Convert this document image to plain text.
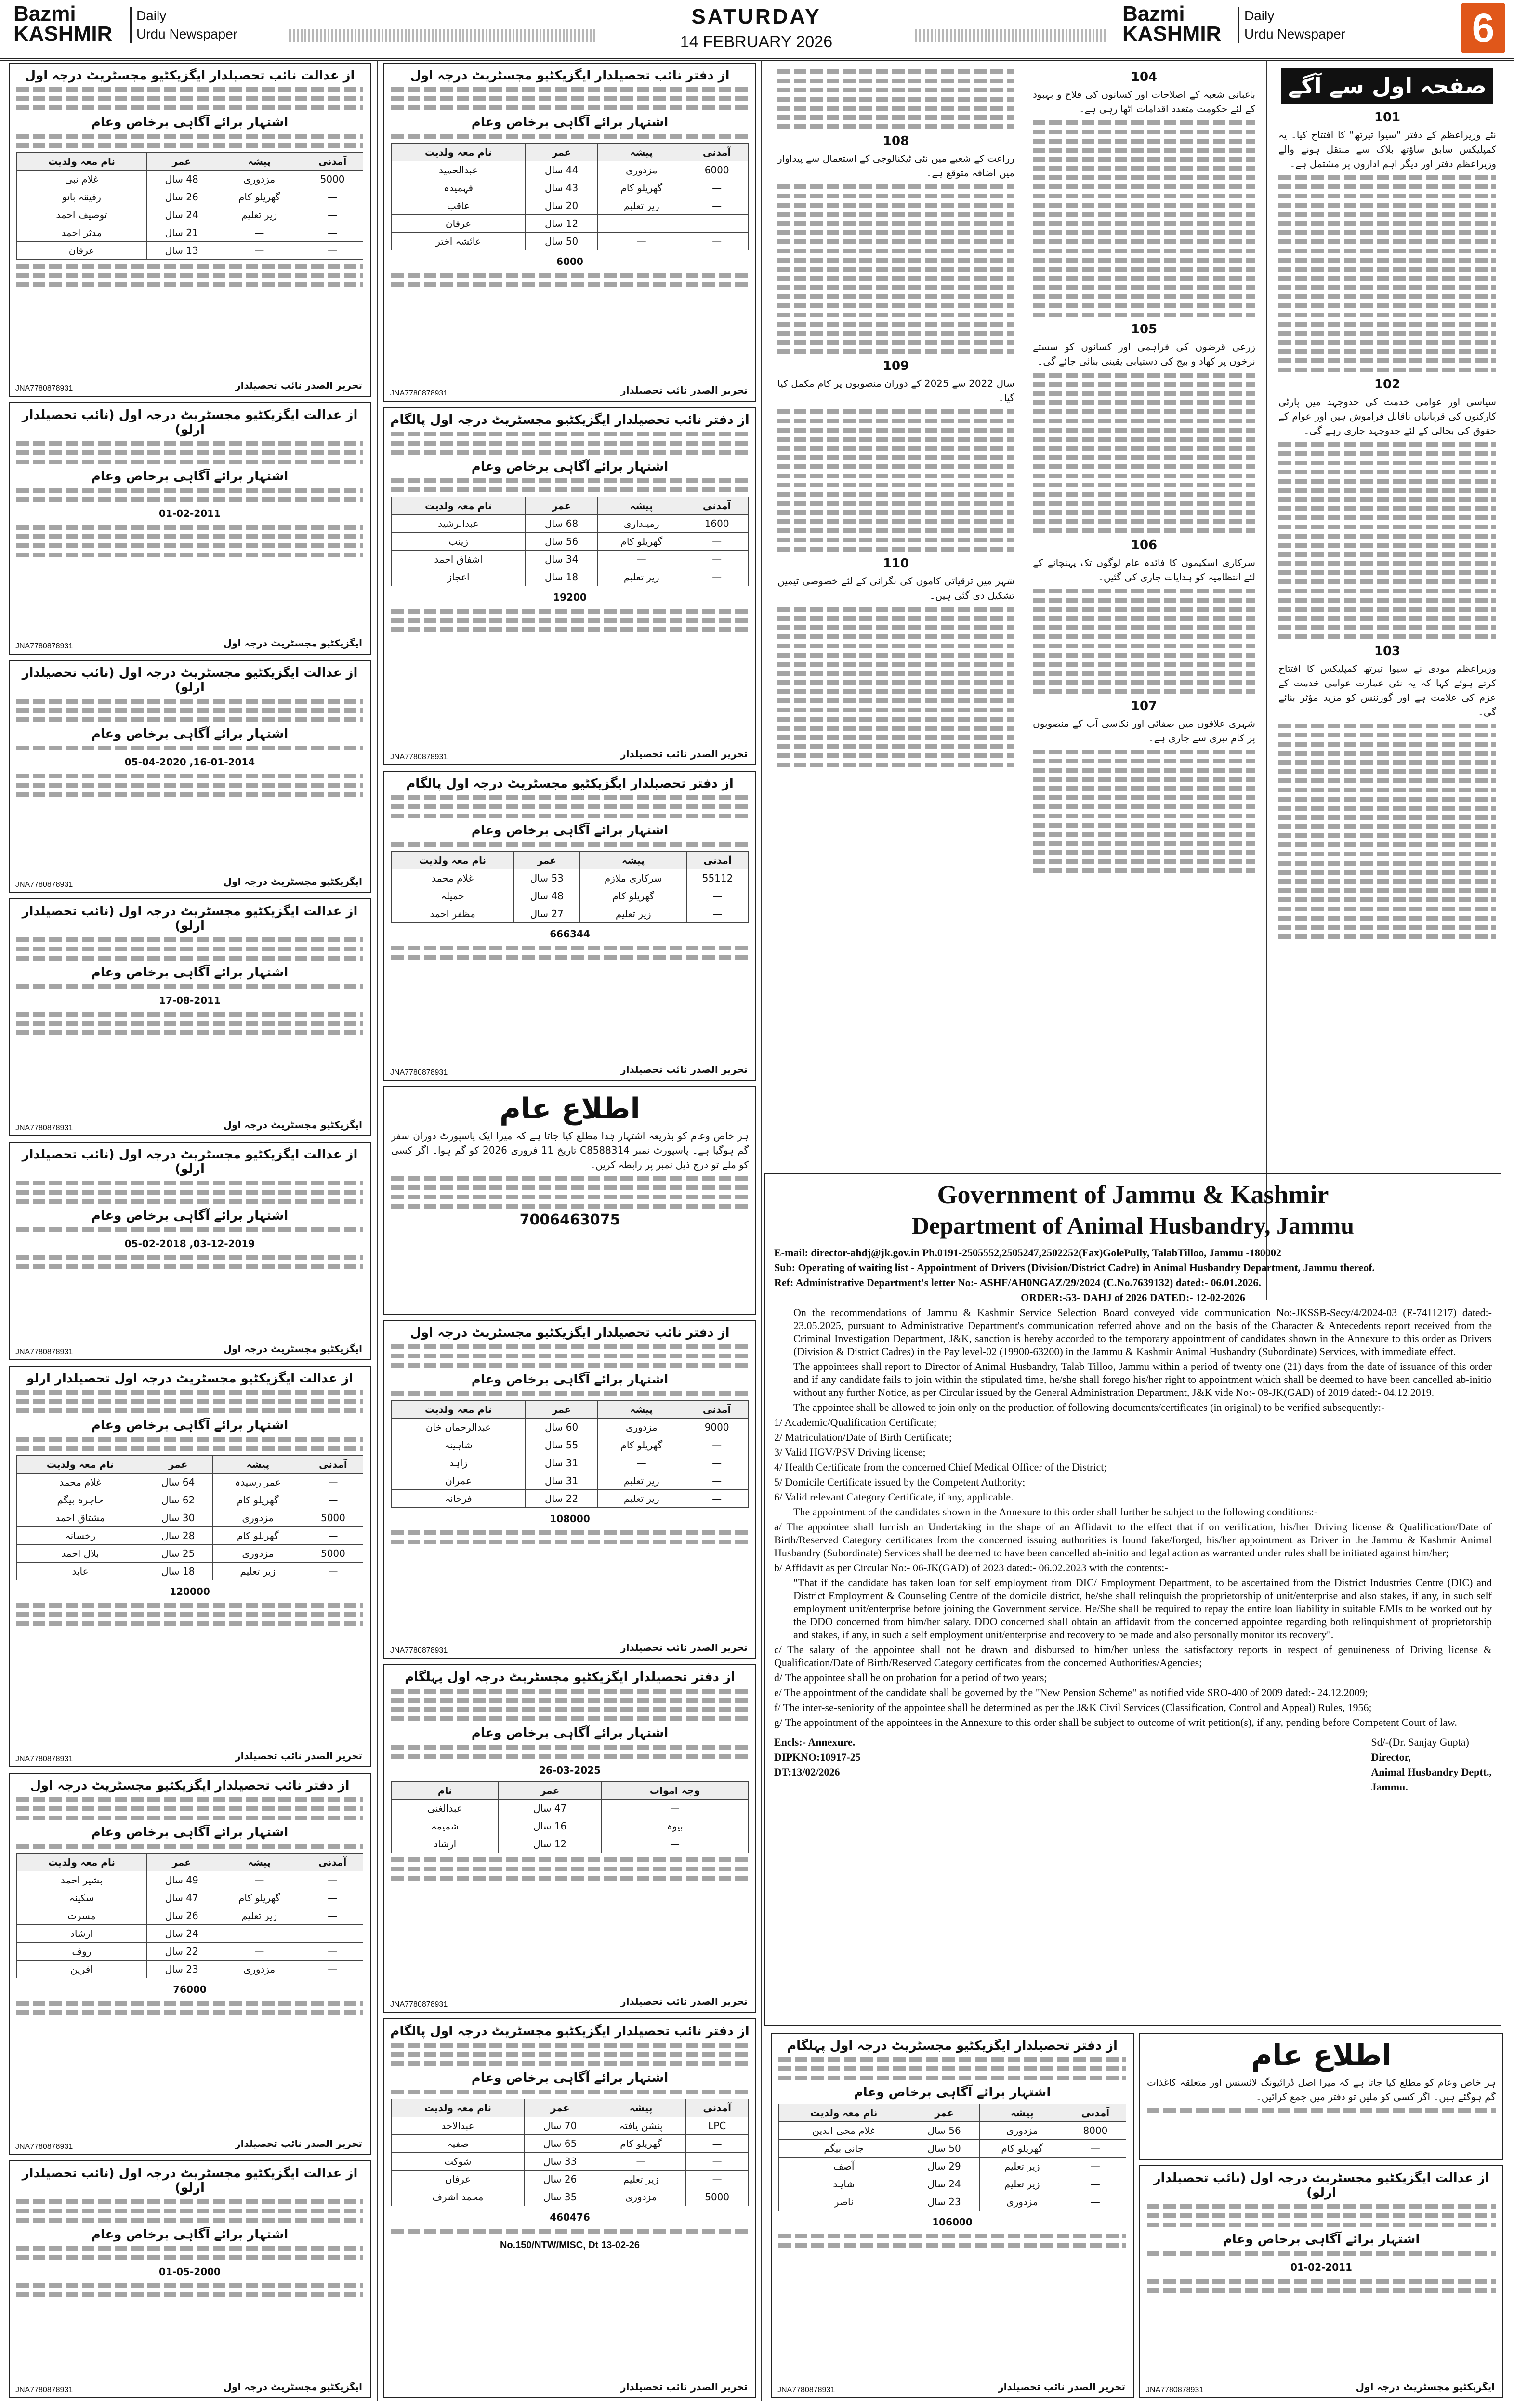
Bazmi
KASHMIR
Daily
Urdu Newspaper
SATURDAY
14 FEBRUARY 2026
Bazmi
KASHMIR
Daily
Urdu Newspaper	6
صفحہ اول سے آگے
101
نئے وزیراعظم کے دفتر "سیوا تیرتھ" کا افتتاح کیا۔ یہ کمپلیکس سابق ساؤتھ بلاک سے منتقل ہونے والے وزیراعظم دفتر اور دیگر اہم اداروں پر مشتمل ہے۔
102
سیاسی اور عوامی خدمت کی جدوجہد میں پارٹی کارکنوں کی قربانیاں ناقابل فراموش ہیں اور عوام کے حقوق کی بحالی کے لئے جدوجہد جاری رہے گی۔
103
وزیراعظم مودی نے سیوا تیرتھ کمپلیکس کا افتتاح کرتے ہوئے کہا کہ یہ نئی عمارت عوامی خدمت کے عزم کی علامت ہے اور گورننس کو مزید مؤثر بنائے گی۔
104
باغبانی شعبہ کے اصلاحات اور کسانوں کی فلاح و بہبود کے لئے حکومت متعدد اقدامات اٹھا رہی ہے۔
105
زرعی قرضوں کی فراہمی اور کسانوں کو سستے نرخوں پر کھاد و بیج کی دستیابی یقینی بنائی جائے گی۔
106
سرکاری اسکیموں کا فائدہ عام لوگوں تک پہنچانے کے لئے انتظامیہ کو ہدایات جاری کی گئیں۔
107
شہری علاقوں میں صفائی اور نکاسی آب کے منصوبوں پر کام تیزی سے جاری ہے۔
108
زراعت کے شعبے میں نئی ٹیکنالوجی کے استعمال سے پیداوار میں اضافہ متوقع ہے۔
109
سال 2022 سے 2025 کے دوران منصوبوں پر کام مکمل کیا گیا۔
110
شہر میں ترقیاتی کاموں کی نگرانی کے لئے خصوصی ٹیمیں تشکیل دی گئی ہیں۔
از عدالت نائب تحصیلدار ایگزیکٹیو مجسٹریٹ درجہ اول
اشتہار برائے آگاہی برخاص وعام
آمدنی	پیشہ	عمر	نام معہ ولدیت
5000	مزدوری	48 سال	غلام نبی
—	گھریلو کام	26 سال	رفیقہ بانو
—	زیر تعلیم	24 سال	توصیف احمد
—	—	21 سال	مدثر احمد
—	—	13 سال	عرفان
تحریر الصدر نائب تحصیلدار
JNA7780878931
از عدالت ایگزیکٹیو مجسٹریٹ درجہ اول (نائب تحصیلدار ارلو)
اشتہار برائے آگاہی برخاص وعام
01-02-2011
ایگزیکٹیو مجسٹریٹ درجہ اول
JNA7780878931
از عدالت ایگزیکٹیو مجسٹریٹ درجہ اول (نائب تحصیلدار ارلو)
اشتہار برائے آگاہی برخاص وعام
16-01-2014, 05-04-2020
ایگزیکٹیو مجسٹریٹ درجہ اول
JNA7780878931
از عدالت ایگزیکٹیو مجسٹریٹ درجہ اول (نائب تحصیلدار ارلو)
اشتہار برائے آگاہی برخاص وعام
17-08-2011
ایگزیکٹیو مجسٹریٹ درجہ اول
JNA7780878931
از عدالت ایگزیکٹیو مجسٹریٹ درجہ اول (نائب تحصیلدار ارلو)
اشتہار برائے آگاہی برخاص وعام
03-12-2019, 05-02-2018
ایگزیکٹیو مجسٹریٹ درجہ اول
JNA7780878931
از عدالت ایگزیکٹیو مجسٹریٹ درجہ اول تحصیلدار ارلو
اشتہار برائے آگاہی برخاص وعام
آمدنی	پیشہ	عمر	نام معہ ولدیت
—	عمر رسیدہ	64 سال	غلام محمد
—	گھریلو کام	62 سال	حاجرہ بیگم
5000	مزدوری	30 سال	مشتاق احمد
—	گھریلو کام	28 سال	رخسانہ
5000	مزدوری	25 سال	بلال احمد
—	زیر تعلیم	18 سال	عابد
120000
تحریر الصدر نائب تحصیلدار
JNA7780878931
از دفتر نائب تحصیلدار ایگزیکٹیو مجسٹریٹ درجہ اول
اشتہار برائے آگاہی برخاص وعام
آمدنی	پیشہ	عمر	نام معہ ولدیت
—	—	49 سال	بشیر احمد
—	گھریلو کام	47 سال	سکینہ
—	زیر تعلیم	26 سال	مسرت
—	—	24 سال	ارشاد
—	—	22 سال	روف
—	مزدوری	23 سال	افرین
76000
تحریر الصدر نائب تحصیلدار
JNA7780878931
از عدالت ایگزیکٹیو مجسٹریٹ درجہ اول (نائب تحصیلدار ارلو)
اشتہار برائے آگاہی برخاص وعام
01-05-2000
ایگزیکٹیو مجسٹریٹ درجہ اول
JNA7780878931
از دفتر نائب تحصیلدار ایگزیکٹیو مجسٹریٹ درجہ اول
اشتہار برائے آگاہی برخاص وعام
آمدنی	پیشہ	عمر	نام معہ ولدیت
6000	مزدوری	44 سال	عبدالحمید
—	گھریلو کام	43 سال	فہمیدہ
—	زیر تعلیم	20 سال	عاقب
—	—	12 سال	عرفان
—	—	50 سال	عائشہ اختر
6000
تحریر الصدر نائب تحصیلدار
JNA7780878931
از دفتر نائب تحصیلدار ایگزیکٹیو مجسٹریٹ درجہ اول پالگام
اشتہار برائے آگاہی برخاص وعام
آمدنی	پیشہ	عمر	نام معہ ولدیت
1600	زمینداری	68 سال	عبدالرشید
—	گھریلو کام	56 سال	زینب
—	—	34 سال	اشفاق احمد
—	زیر تعلیم	18 سال	اعجاز
19200
تحریر الصدر نائب تحصیلدار
JNA7780878931
از دفتر تحصیلدار ایگزیکٹیو مجسٹریٹ درجہ اول پالگام
اشتہار برائے آگاہی برخاص وعام
آمدنی	پیشہ	عمر	نام معہ ولدیت
55112	سرکاری ملازم	53 سال	غلام محمد
—	گھریلو کام	48 سال	جمیلہ
—	زیر تعلیم	27 سال	مظفر احمد
666344
تحریر الصدر نائب تحصیلدار
JNA7780878931
اطلاع عام
ہر خاص وعام کو بذریعہ اشتہار ہٰذا مطلع کیا جاتا ہے کہ میرا ایک پاسپورٹ دوران سفر گم ہوگیا ہے۔ پاسپورٹ نمبر C8588314 تاریخ 11 فروری 2026 کو گم ہوا۔ اگر کسی کو ملے تو درج ذیل نمبر پر رابطہ کریں۔
7006463075
از دفتر نائب تحصیلدار ایگزیکٹیو مجسٹریٹ درجہ اول
اشتہار برائے آگاہی برخاص وعام
آمدنی	پیشہ	عمر	نام معہ ولدیت
9000	مزدوری	60 سال	عبدالرحمان خان
—	گھریلو کام	55 سال	شاہینہ
—	—	31 سال	زاہد
—	زیر تعلیم	31 سال	عمران
—	زیر تعلیم	22 سال	فرحانہ
108000
تحریر الصدر نائب تحصیلدار
JNA7780878931
از دفتر تحصیلدار ایگزیکٹیو مجسٹریٹ درجہ اول پہلگام
اشتہار برائے آگاہی برخاص وعام
26-03-2025
وجہ اموات	عمر	نام
—	47 سال	عبدالغنی
بیوہ	16 سال	شمیمہ
—	12 سال	ارشاد
تحریر الصدر نائب تحصیلدار
JNA7780878931
از دفتر نائب تحصیلدار ایگزیکٹیو مجسٹریٹ درجہ اول پالگام
اشتہار برائے آگاہی برخاص وعام
آمدنی	پیشہ	عمر	نام معہ ولدیت
LPC	پنشن یافتہ	70 سال	عبدالاحد
—	گھریلو کام	65 سال	صفیہ
—	—	33 سال	شوکت
—	زیر تعلیم	26 سال	عرفان
5000	مزدوری	35 سال	محمد اشرف
460476
No.150/NTW/MISC, Dt 13-02-26
تحریر الصدر نائب تحصیلدار
Government of Jammu & Kashmir
Department of Animal Husbandry, Jammu

E-mail: director-ahdj@jk.gov.in Ph.0191-2505552,2505247,2502252(Fax)GolePully, TalabTilloo, Jammu -180002

Sub: Operating of waiting list - Appointment of Drivers (Division/District Cadre) in Animal Husbandry Department, Jammu thereof.

Ref: Administrative Department's letter No:- ASHF/AH0NGAZ/29/2024 (C.No.7639132) dated:- 06.01.2026.

ORDER:-53- DAHJ of 2026 DATED:- 12-02-2026

On the recommendations of Jammu & Kashmir Service Selection Board conveyed vide communication No:-JKSSB-Secy/4/2024-03 (E-7411217) dated:- 23.05.2025, pursuant to Administrative Department's communication referred above and on the basis of the Character & Antecedents report received from the Criminal Investigation Department, J&K, sanction is hereby accorded to the temporary appointment of candidates shown in the Annexure to this order as Drivers (Division & District Cadres) in the Pay level-02 (19900-63200) in the Jammu & Kashmir Animal Husbandry (Subordinate) Services, with immediate effect.

The appointees shall report to Director of Animal Husbandry, Talab Tilloo, Jammu within a period of twenty one (21) days from the date of issuance of this order and if any candidate fails to join within the stipulated time, he/she shall forego his/her right to appointment which shall be deemed to have been cancelled ab-initio without any further Notice, as per Circular issued by the General Administration Department, J&K vide No:- 08-JK(GAD) of 2019 dated:- 04.12.2019.

The appointee shall be allowed to join only on the production of following documents/certificates (in original) to be verified subsequently:-

1/ Academic/Qualification Certificate;

2/ Matriculation/Date of Birth Certificate;

3/ Valid HGV/PSV Driving license;

4/ Health Certificate from the concerned Chief Medical Officer of the District;

5/ Domicile Certificate issued by the Competent Authority;

6/ Valid relevant Category Certificate, if any, applicable.

The appointment of the candidates shown in the Annexure to this order shall further be subject to the following conditions:-

a/ The appointee shall furnish an Undertaking in the shape of an Affidavit to the effect that if on verification, his/her Driving license & Qualification/Date of Birth/Reserved Category certificates from the concerned issuing authorities is found fake/forged, his/her appointment as Driver in the Jammu & Kashmir Animal Husbandry (Subordinate) Services shall be deemed to have been cancelled ab-initio and legal action as warranted under rules shall be initiated against him/her;

b/ Affidavit as per Circular No:- 06-JK(GAD) of 2023 dated:- 06.02.2023 with the contents:-

"That if the candidate has taken loan for self employment from DIC/ Employment Department, to be ascertained from the District Industries Centre (DIC) and District Employment & Counseling Centre of the domicile district, he/she shall relinquish the proprietorship of unit/enterprise and also stakes, if any, in such self employment unit/enterprise before joining the Government service. He/She shall be required to repay the entire loan liability in suitable EMIs to be worked out by the DDO concerned from him/her salary. DDO concerned shall obtain an affidavit from the concerned appointee regarding both relinquishment of proprietorship and stakes, if any, in such a self employment unit/enterprise and recovery to be made and also personally monitor its recovery".

c/ The salary of the appointee shall not be drawn and disbursed to him/her unless the satisfactory reports in respect of genuineness of Driving license & Qualification/Date of Birth/Reserved Category certificates from the concerned Authorities/Agencies;

d/ The appointee shall be on probation for a period of two years;

e/ The appointment of the candidate shall be governed by the "New Pension Scheme" as notified vide SRO-400 of 2009 dated:- 24.12.2009;

f/ The inter-se-seniority of the appointee shall be determined as per the J&K Civil Services (Classification, Control and Appeal) Rules, 1956;

g/ The appointment of the appointees in the Annexure to this order shall be subject to outcome of writ petition(s), if any, pending before Competent Court of law.

Encls:- Annexure.

DIPKNO:10917-25

DT:13/02/2026

Sd/-(Dr. Sanjay Gupta)

Director,

Animal Husbandry Deptt.,

Jammu.

از دفتر تحصیلدار ایگزیکٹیو مجسٹریٹ درجہ اول پہلگام
اشتہار برائے آگاہی برخاص وعام
آمدنی	پیشہ	عمر	نام معہ ولدیت
8000	مزدوری	56 سال	غلام محی الدین
—	گھریلو کام	50 سال	جانی بیگم
—	زیر تعلیم	29 سال	آصف
—	زیر تعلیم	24 سال	شاہد
—	مزدوری	23 سال	ناصر
106000
تحریر الصدر نائب تحصیلدار
JNA7780878931
اطلاع عام
ہر خاص وعام کو مطلع کیا جاتا ہے کہ میرا اصل ڈرائیونگ لائسنس اور متعلقہ کاغذات گم ہوگئے ہیں۔ اگر کسی کو ملیں تو دفتر میں جمع کرائیں۔
از عدالت ایگزیکٹیو مجسٹریٹ درجہ اول (نائب تحصیلدار ارلو)
اشتہار برائے آگاہی برخاص وعام
01-02-2011
ایگزیکٹیو مجسٹریٹ درجہ اول
JNA7780878931
